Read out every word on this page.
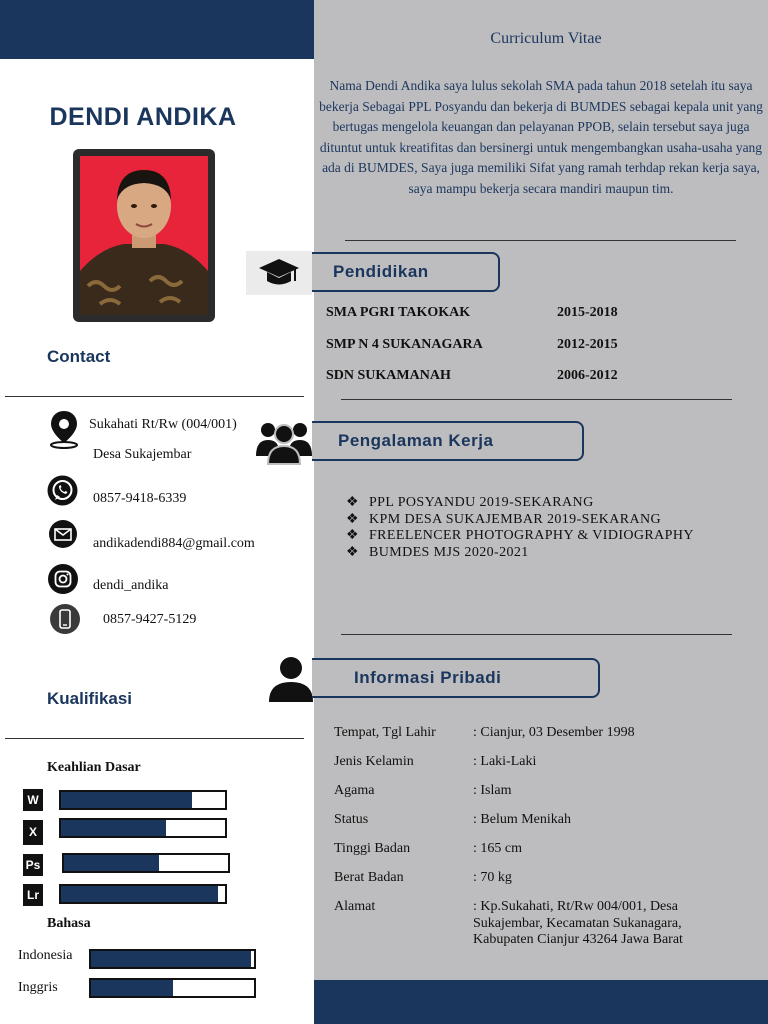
DENDI ANDIKA
Contact
Sukahati Rt/Rw (004/001)
Desa Sukajembar
0857-9418-6339
andikadendi884@gmail.com
dendi_andika
0857-9427-5129
Kualifikasi
Keahlian Dasar
W
X
Ps
Lr
Bahasa
Indonesia
Inggris
Curriculum Vitae
Nama Dendi Andika saya lulus sekolah SMA pada tahun 2018 setelah itu saya bekerja Sebagai PPL Posyandu dan bekerja di BUMDES sebagai kepala unit yang bertugas mengelola keuangan dan pelayanan PPOB, selain tersebut saya juga dituntut untuk kreatifitas dan bersinergi untuk mengembangkan usaha-usaha yang ada di BUMDES, Saya juga memiliki Sifat yang ramah terhdap rekan kerja saya, saya mampu bekerja secara mandiri maupun tim.
Pendidikan
SMA PGRI TAKOKAK	2015-2018
SMP N 4 SUKANAGARA	2012-2015
SDN SUKAMANAH	2006-2012
Pengalaman Kerja
❖ PPL POSYANDU 2019-SEKARANG
❖ KPM DESA SUKAJEMBAR 2019-SEKARANG
❖ FREELENCER PHOTOGRAPHY & VIDIOGRAPHY
❖ BUMDES MJS 2020-2021
Informasi Pribadi
Tempat, Tgl Lahir	: Cianjur, 03 Desember 1998
Jenis Kelamin	: Laki-Laki
Agama	: Islam
Status	: Belum Menikah
Tinggi Badan	: 165 cm
Berat Badan	: 70 kg
Alamat	: Kp.Sukahati, Rt/Rw 004/001, Desa Sukajembar, Kecamatan Sukanagara, Kabupaten Cianjur 43264 Jawa Barat
